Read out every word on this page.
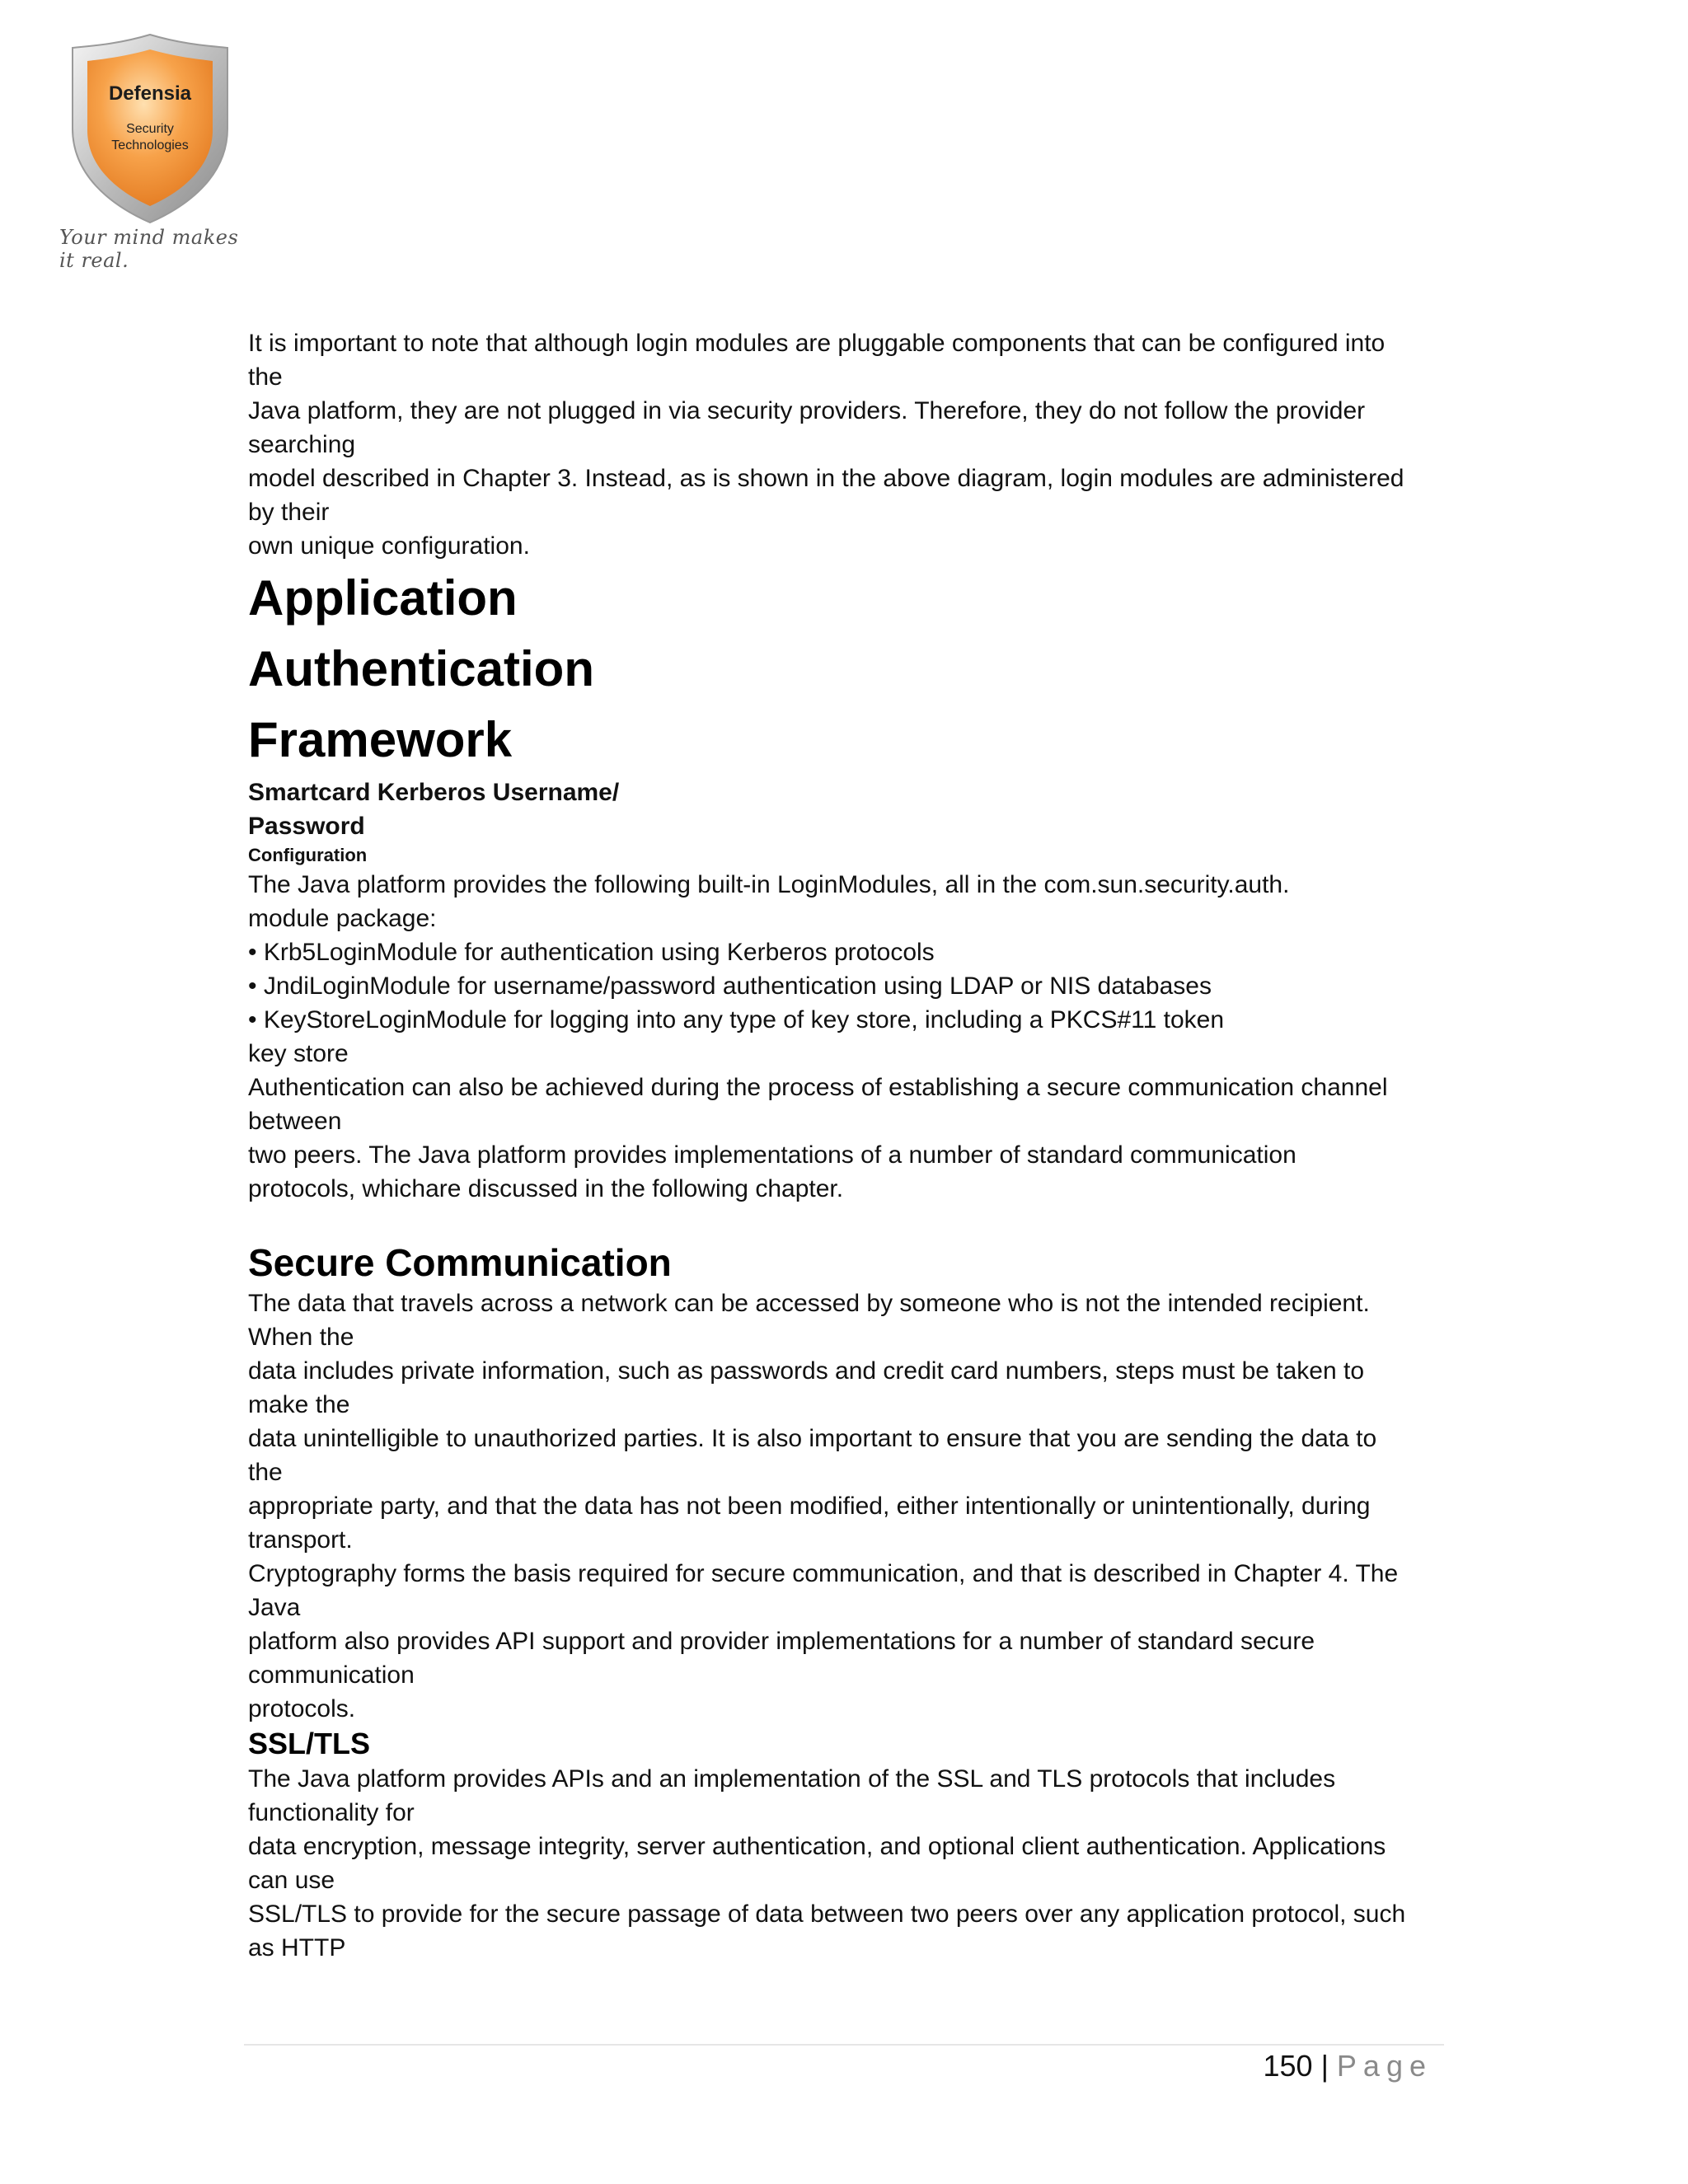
Defensia
Security
Technologies
Your mind makes it real.

It is important to note that although login modules are pluggable components that can be configured into

the

Java platform, they are not plugged in via security providers. Therefore, they do not follow the provider

searching

model described in Chapter 3. Instead, as is shown in the above diagram, login modules are administered

by their

own unique configuration.

Application

Authentication

Framework

Smartcard Kerberos Username/

Password

Configuration

The Java platform provides the following built-in LoginModules, all in the com.sun.security.auth.

module package:

• Krb5LoginModule for authentication using Kerberos protocols

• JndiLoginModule for username/password authentication using LDAP or NIS databases

• KeyStoreLoginModule for logging into any type of key store, including a PKCS#11 token

key store

Authentication can also be achieved during the process of establishing a secure communication channel

between

two peers. The Java platform provides implementations of a number of standard communication

protocols, whichare discussed in the following chapter.

Secure Communication

The data that travels across a network can be accessed by someone who is not the intended recipient.

When the

data includes private information, such as passwords and credit card numbers, steps must be taken to

make the

data unintelligible to unauthorized parties. It is also important to ensure that you are sending the data to

the

appropriate party, and that the data has not been modified, either intentionally or unintentionally, during

transport.

Cryptography forms the basis required for secure communication, and that is described in Chapter 4. The

Java

platform also provides API support and provider implementations for a number of standard secure

communication

protocols.

SSL/TLS

The Java platform provides APIs and an implementation of the SSL and TLS protocols that includes

functionality for

data encryption, message integrity, server authentication, and optional client authentication. Applications

can use

SSL/TLS to provide for the secure passage of data between two peers over any application protocol, such

as HTTP

150 | Page
